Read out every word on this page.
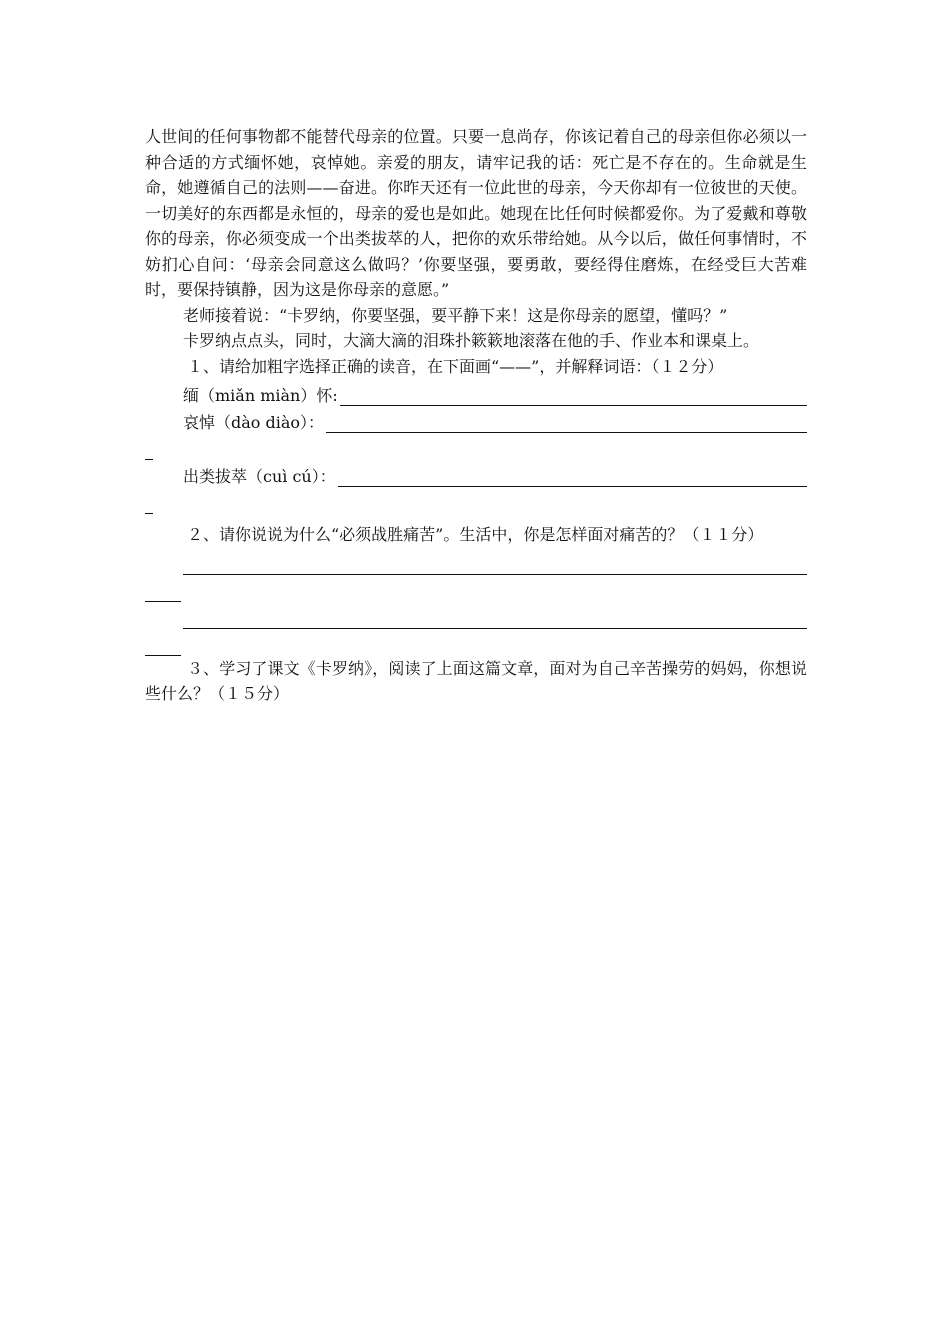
人世间的任何事物都不能替代母亲的位置。只要一息尚存，你该记着自己的母亲但你必须以一种合适的方式缅怀她，哀悼她。亲爱的朋友，请牢记我的话：死亡是不存在的。生命就是生命，她遵循自己的法则——奋进。你昨天还有一位此世的母亲，今天你却有一位彼世的天使。一切美好的东西都是永恒的，母亲的爱也是如此。她现在比任何时候都爱你。为了爱戴和尊敬你的母亲，你必须变成一个出类拔萃的人，把你的欢乐带给她。从今以后，做任何事情时，不妨扪心自问：‘母亲会同意这么做吗？’你要坚强，要勇敢，要经得住磨炼，在经受巨大苦难时，要保持镇静，因为这是你母亲的意愿。”

老师接着说：“卡罗纳，你要坚强，要平静下来！这是你母亲的愿望，懂吗？”

卡罗纳点点头，同时，大滴大滴的泪珠扑簌簌地滚落在他的手、作业本和课桌上。

１、请给加粗字选择正确的读音，在下面画“——”，并解释词语：（１２分）

缅（miǎn miàn）怀:
哀悼（dào diào）：
出类拔萃（cuì cú）：

２、请你说说为什么“必须战胜痛苦”。生活中，你是怎样面对痛苦的？（１１分）

３、学习了课文《卡罗纳》，阅读了上面这篇文章，面对为自己辛苦操劳的妈妈，你想说些什么？（１５分）
